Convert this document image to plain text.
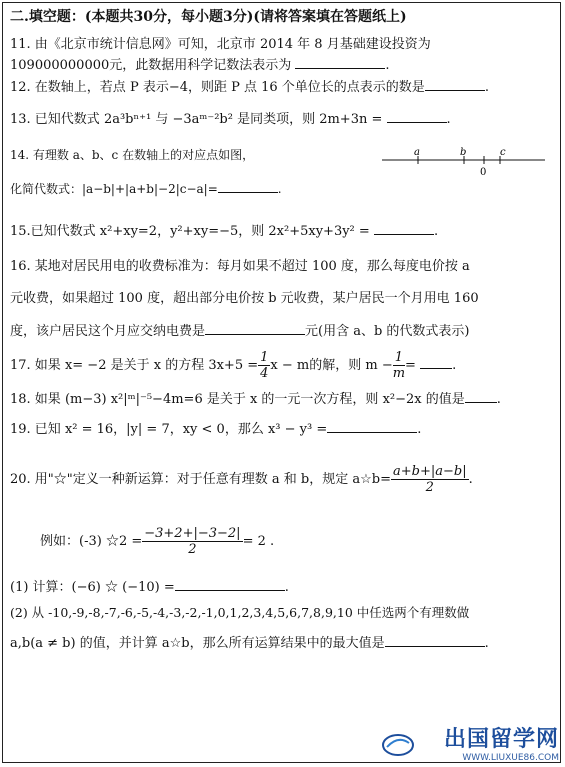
二.填空题：(本题共30分，每小题3分)(请将答案填在答题纸上)
11. 由《北京市统计信息网》可知，北京市 2014 年 8 月基础建设投资为
109000000000元，此数据用科学记数法表示为	.
12. 在数轴上，若点 P 表示−4，则距 P 点 16 个单位长的点表示的数是	.
13. 已知代数式 2a³bⁿ⁺¹ 与 −3aᵐ⁻²b² 是同类项，则 2m+3n =	.
14. 有理数 a、b、c 在数轴上的对应点如图，	a	b	c
0
化简代数式：|a−b|+|a+b|−2|c−a|=	.
15.已知代数式 x²+xy=2，y²+xy=−5，则 2x²+5xy+3y² =	.
16. 某地对居民用电的收费标准为：每月如果不超过 100 度，那么每度电价按 a
元收费，如果超过 100 度，超出部分电价按 b 元收费，某户居民一个月用电 160
度，该户居民这个月应交纳电费是	元(用含 a、b 的代数式表示)
17. 如果 x= −2 是关于 x 的方程 $3x+5 = \frac{1}{4}$ x − m的解，则 $m - \frac{1}{m}$ =	.
18. 如果 (m−3) x²|ᵐ|⁻⁵−4m=6 是关于 x 的一元一次方程，则 x²−2x 的值是 .
19. 已知 x² = 16，|y| = 7，xy < 0，那么 x³ − y³ =	.
20. 用"☆"定义一种新运算：对于任意有理数 a 和 b，规定 a☆b= $\frac{a+b+|a-b|}{2}$ .
例如：(-3) ☆2 = $\frac{-3+2+|-3-2|}{2} = 2$ .
(1) 计算：(−6) ☆ (−10) =	.
(2) 从 -10,-9,-8,-7,-6,-5,-4,-3,-2,-1,0,1,2,3,4,5,6,7,8,9,10 中任选两个有理数做
a,b(a ≠ b) 的值，并计算 a☆b，那么所有运算结果中的最大值是	.
出国留学网
WWW.LIUXUE86.COM
